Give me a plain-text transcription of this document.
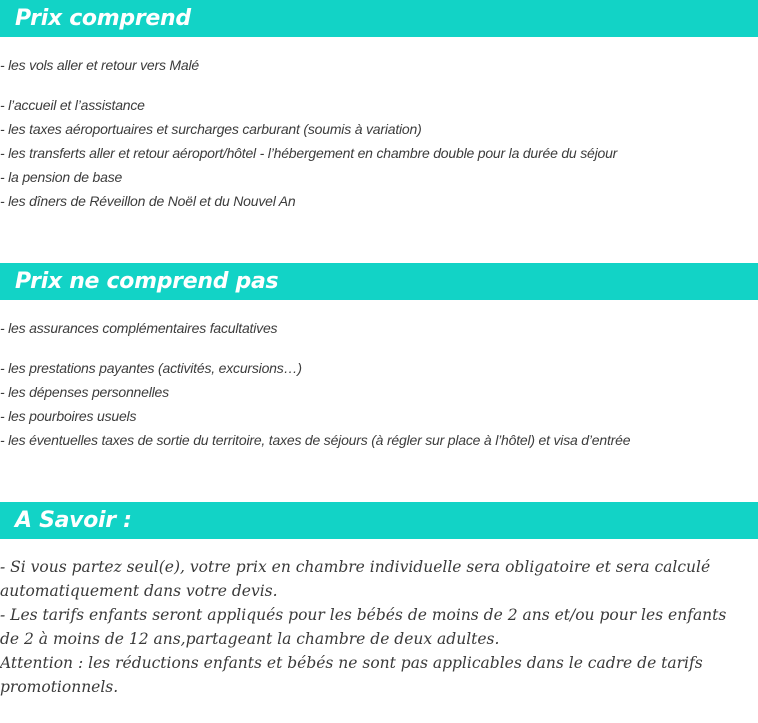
Prix comprend
- les vols aller et retour vers Malé
- l’accueil et l’assistance
- les taxes aéroportuaires et surcharges carburant (soumis à variation)
- les transferts aller et retour aéroport/hôtel - l’hébergement en chambre double pour la durée du séjour
- la pension de base
- les dîners de Réveillon de Noël et du Nouvel An
Prix ne comprend pas
- les assurances complémentaires facultatives
- les prestations payantes (activités, excursions…)
- les dépenses personnelles
- les pourboires usuels
- les éventuelles taxes de sortie du territoire, taxes de séjours (à régler sur place à l’hôtel) et visa d’entrée
A Savoir :

- Si vous partez seul(e), votre prix en chambre individuelle sera obligatoire et sera calculé automatiquement dans votre devis.

- Les tarifs enfants seront appliqués pour les bébés de moins de 2 ans et/ou pour les enfants de 2 à moins de 12 ans,partageant la chambre de deux adultes.

Attention : les réductions enfants et bébés ne sont pas applicables dans le cadre de tarifs promotionnels.
